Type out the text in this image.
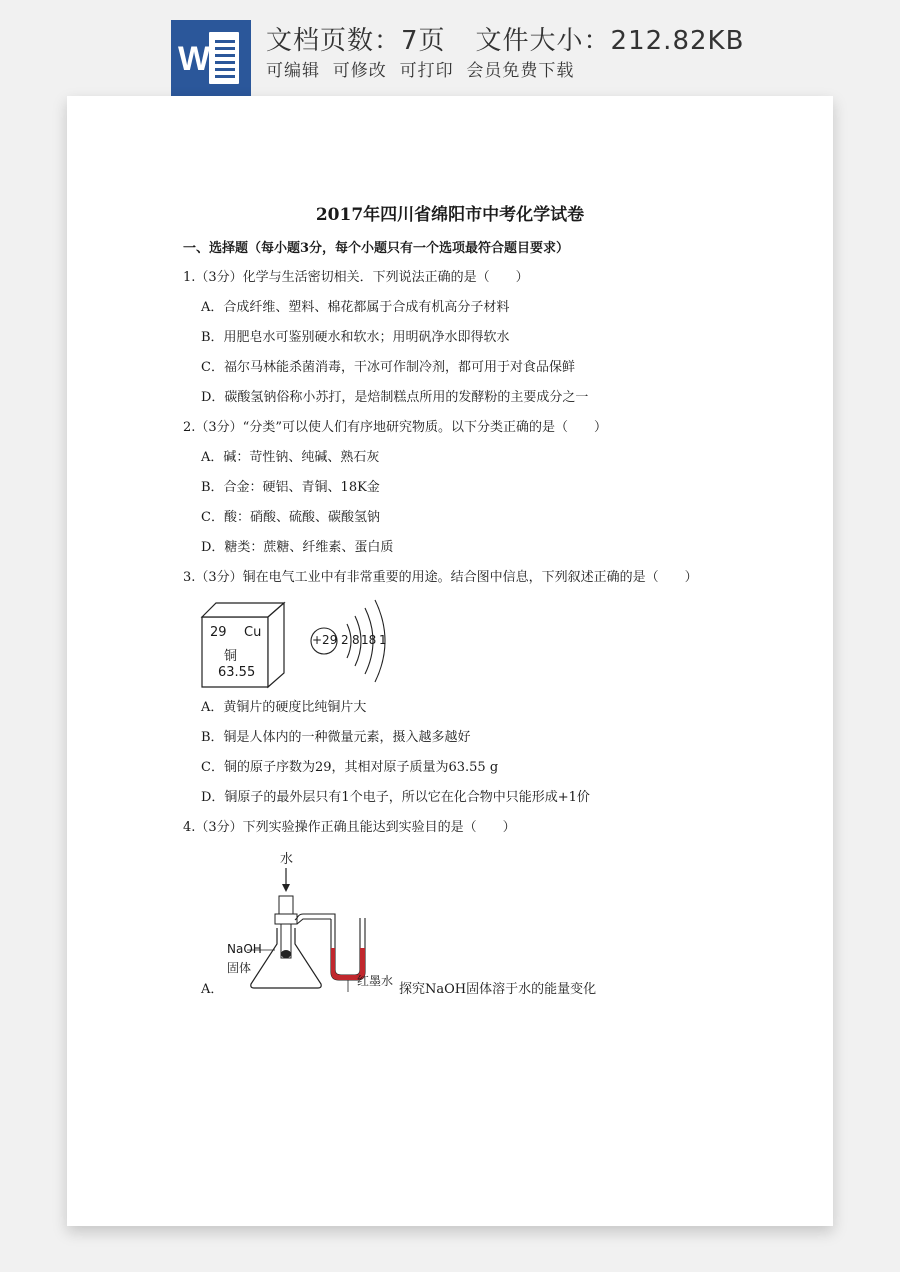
W	文档页数：7页 文件大小：212.82KB
可编辑  可修改  可打印  会员免费下载
2017年四川省绵阳市中考化学试卷
一、选择题（每小题3分，每个小题只有一个选项最符合题目要求）
1.（3分）化学与生活密切相关．下列说法正确的是（　　）
A．合成纤维、塑料、棉花都属于合成有机高分子材料
B．用肥皂水可鉴别硬水和软水；用明矾净水即得软水
C．福尔马林能杀菌消毒，干冰可作制冷剂，都可用于对食品保鲜
D．碳酸氢钠俗称小苏打，是焙制糕点所用的发酵粉的主要成分之一
2.（3分）“分类”可以使人们有序地研究物质。以下分类正确的是（　　）
A．碱：苛性钠、纯碱、熟石灰
B．合金：硬铝、青铜、18K金
C．酸：硝酸、硫酸、碳酸氢钠
D．糖类：蔗糖、纤维素、蛋白质
3.（3分）铜在电气工业中有非常重要的用途。结合图中信息，下列叙述正确的是（　　）
29 Cu
铜
63.55
+29 2 8 18 1
A．黄铜片的硬度比纯铜片大
B．铜是人体内的一种微量元素，摄入越多越好
C．铜的原子序数为29，其相对原子质量为63.55 g
D．铜原子的最外层只有1个电子，所以它在化合物中只能形成+1价
4.（3分）下列实验操作正确且能达到实验目的是（　　）
水
NaOH
固体
红墨水
A．	探究NaOH固体溶于水的能量变化
